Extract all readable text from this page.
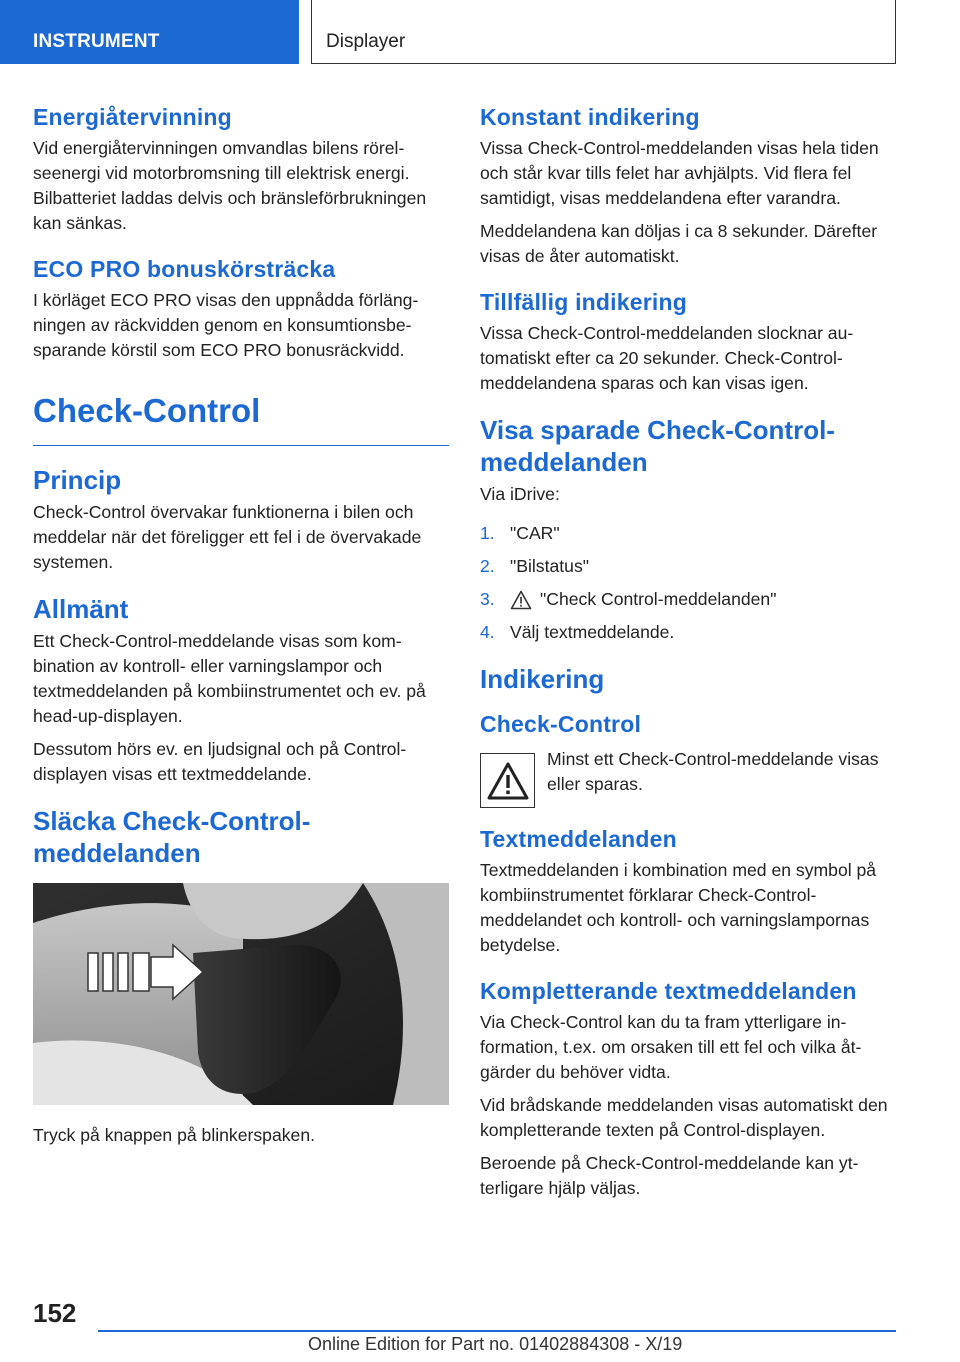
INSTRUMENT	Displayer
Energiåtervinning

Vid energiåtervinningen omvandlas bilens rörelseenergi vid motorbromsning till elektrisk energi. Bilbatteriet laddas delvis och bränsleförbrukningen kan sänkas.

ECO PRO bonuskörsträcka

I körläget ECO PRO visas den uppnådda förlängningen av räckvidden genom en konsumtionsbesparande körstil som ECO PRO bonusräckvidd.

Check-Control
Princip

Check-Control övervakar funktionerna i bilen och meddelar när det föreligger ett fel i de övervakade systemen.

Allmänt

Ett Check-Control-meddelande visas som kombination av kontroll- eller varningslampor och textmeddelanden på kombiinstrumentet och ev. på head-up-displayen.

Dessutom hörs ev. en ljudsignal och på Control-displayen visas ett textmeddelande.

Släcka Check-Control-meddelanden

Tryck på knappen på blinkerspaken.

Konstant indikering

Vissa Check-Control-meddelanden visas hela tiden och står kvar tills felet har avhjälpts. Vid flera fel samtidigt, visas meddelandena efter varandra.

Meddelandena kan döljas i ca 8 sekunder. Därefter visas de åter automatiskt.

Tillfällig indikering

Vissa Check-Control-meddelanden slocknar automatiskt efter ca 20 sekunder. Check-Control-meddelandena sparas och kan visas igen.

Visa sparade Check-Control-meddelanden

Via iDrive:

1. "CAR"
2. "Bilstatus"
3.	"Check Control-meddelanden"
4. Välj textmeddelande.
Indikering
Check-Control

Minst ett Check-Control-meddelande visas eller sparas.

Textmeddelanden

Textmeddelanden i kombination med en symbol på kombiinstrumentet förklarar Check-Control-meddelandet och kontroll- och varningslampornas betydelse.

Kompletterande textmeddelanden

Via Check-Control kan du ta fram ytterligare information, t.ex. om orsaken till ett fel och vilka åtgärder du behöver vidta.

Vid brådskande meddelanden visas automatiskt den kompletterande texten på Control-displayen.

Beroende på Check-Control-meddelande kan ytterligare hjälp väljas.

152
Online Edition for Part no. 01402884308 - X/19
